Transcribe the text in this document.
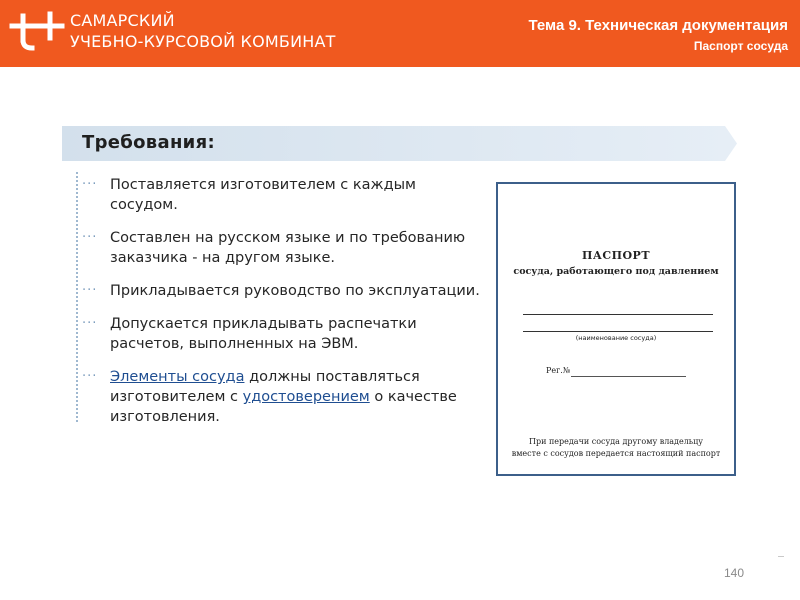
САМАРСКИЙ
УЧЕБНО-КУРСОВОЙ КОМБИНАТ
Тема 9. Техническая документация
Паспорт сосуда
Требования:
··· Поставляется изготовителем с каждым сосудом.
··· Составлен на русском языке и по требованию заказчика - на другом языке.
··· Прикладывается руководство по эксплуатации.
··· Допускается прикладывать распечатки расчетов, выполненных на ЭВМ.
··· Элементы сосуда должны поставляться изготовителем с удостоверением о качестве изготовления.
ПАСПОРТ
сосуда, работающего под давлением
(наименование сосуда)
Рег.№
При передачи сосуда другому владельцу
вместе с сосудов передается настоящий паспорт
140
